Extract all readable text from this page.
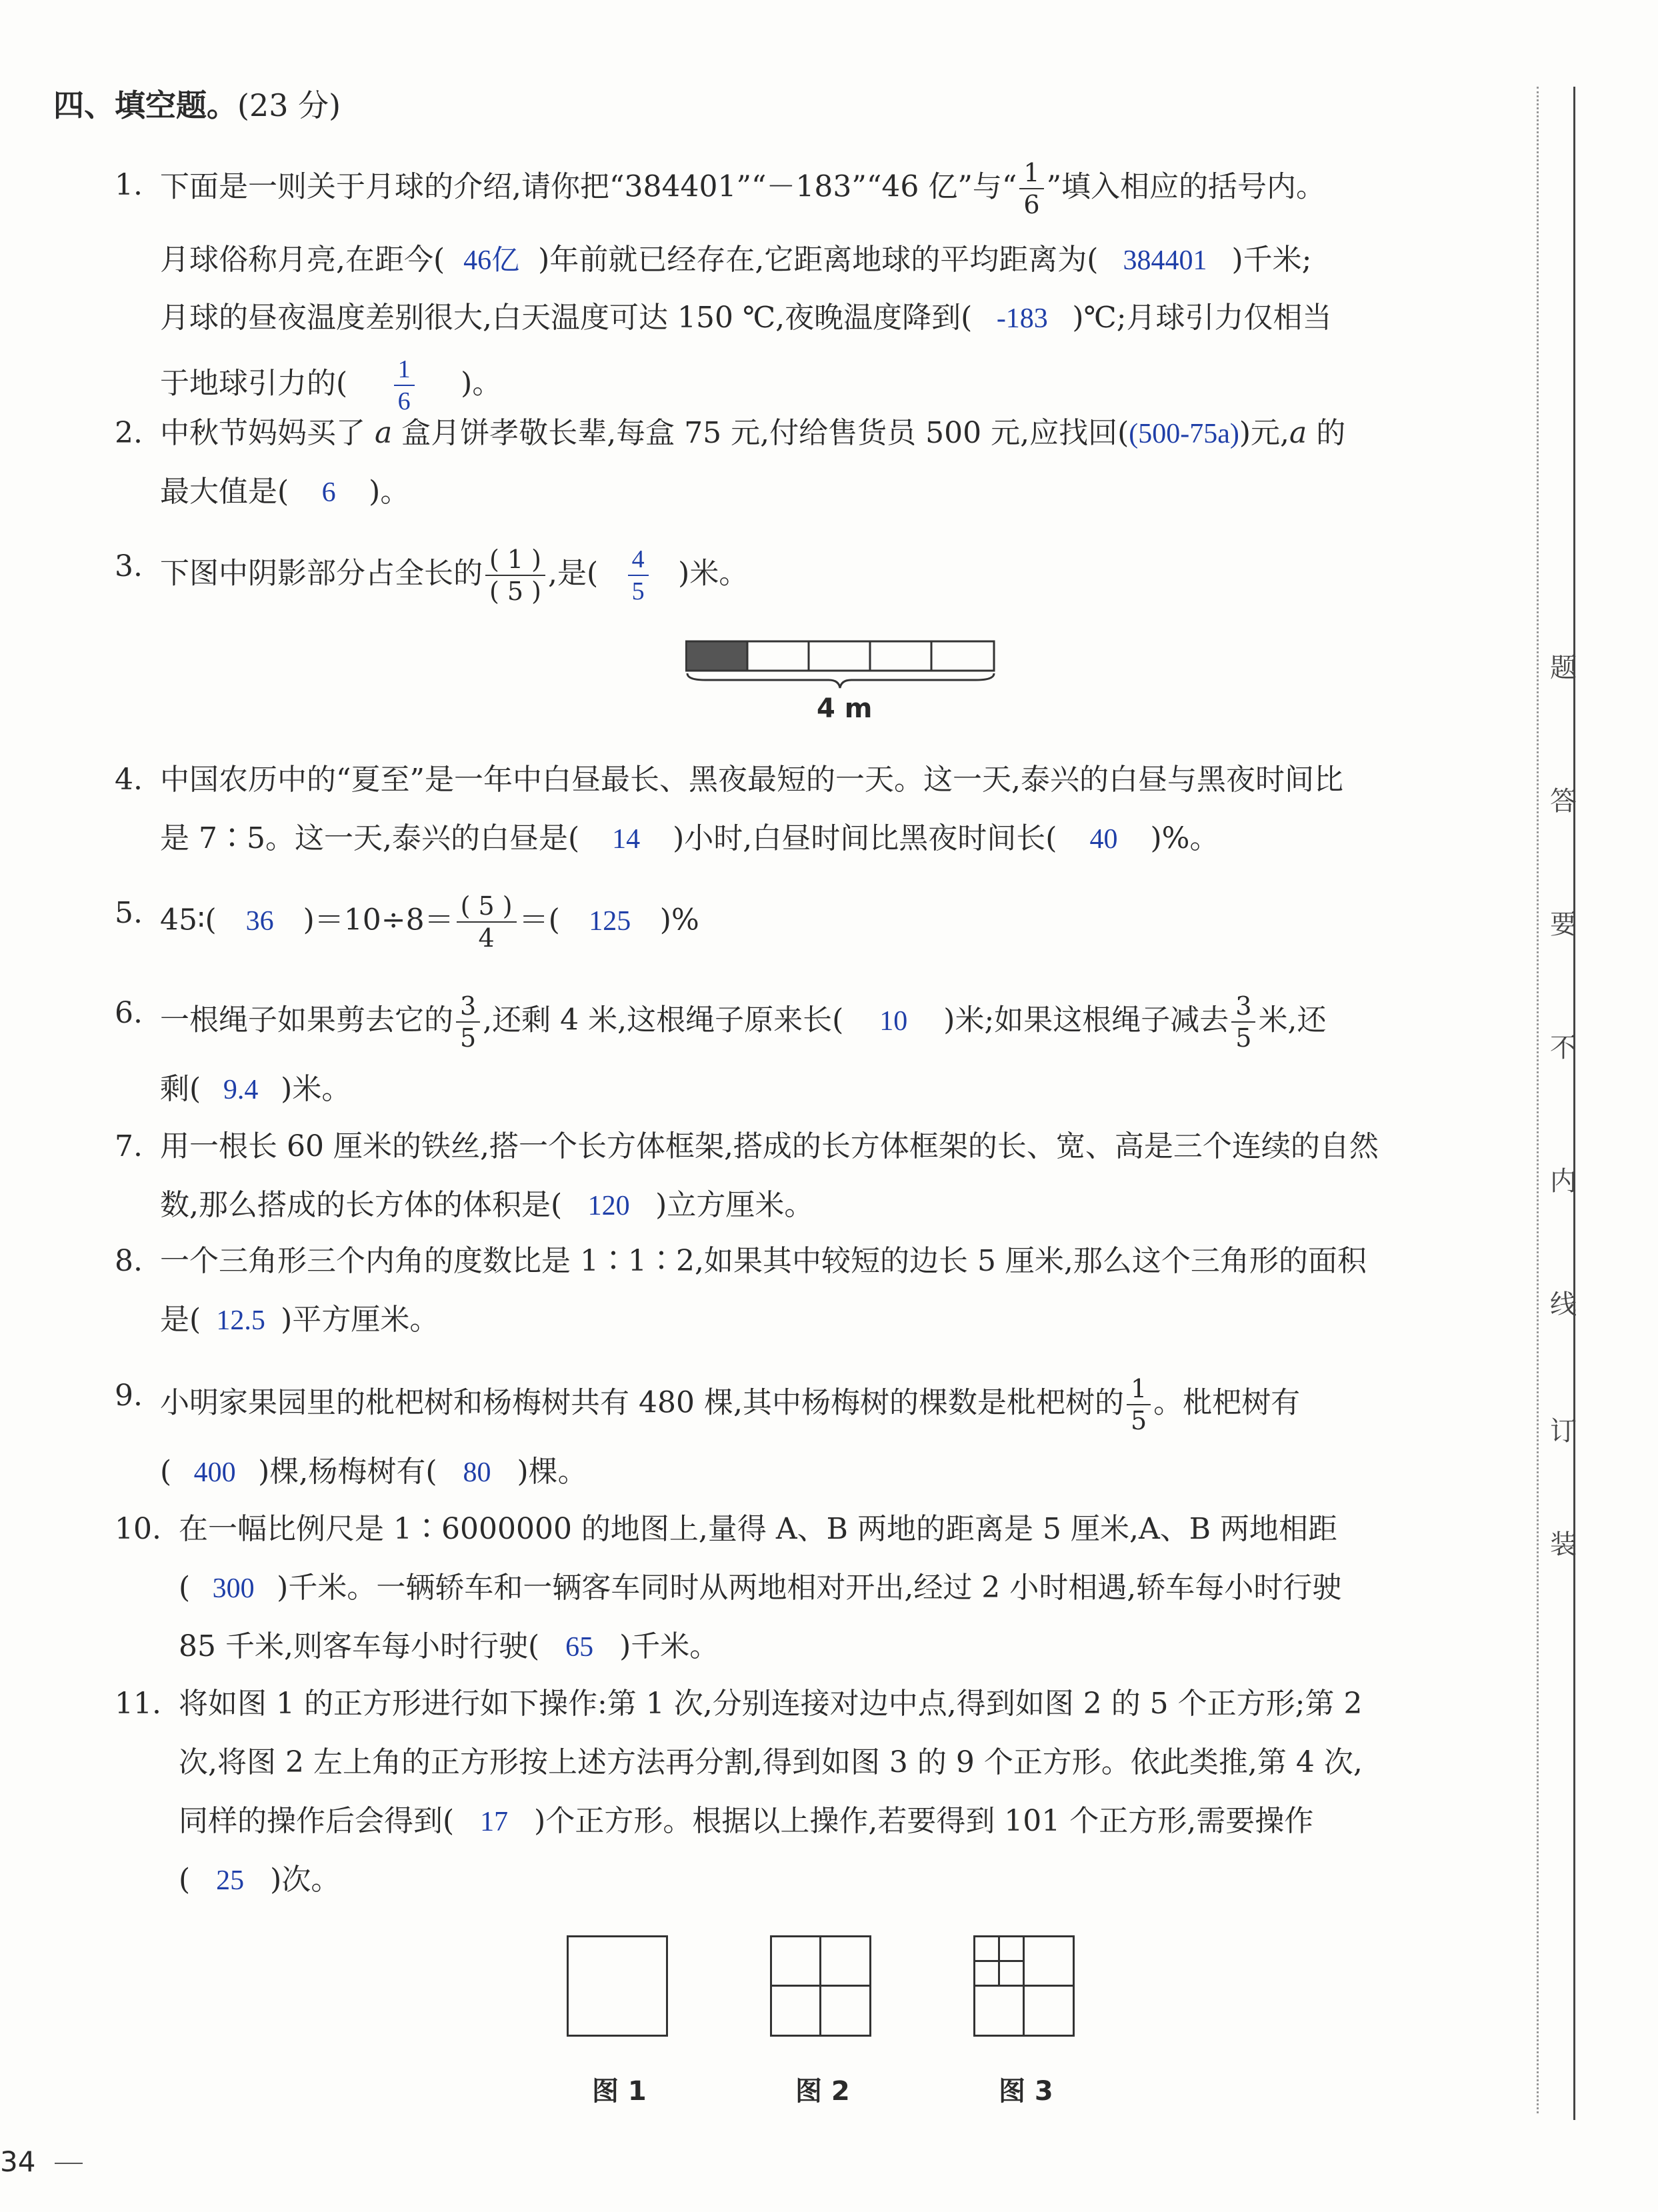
四、填空题。(23 分)
1. 下面是一则关于月球的介绍,请你把“384401”“－183”“46 亿”与“ $\frac{1}{6}$ ”填入相应的括号内。
月球俗称月亮,在距今( 46亿 )年前就已经存在,它距离地球的平均距离为( 384401 )千米;
月球的昼夜温度差别很大,白天温度可达 150 ℃,夜晚温度降到( -183 )℃;月球引力仅相当
于地球引力的( $\frac{1}{6}$ )。
2. 中秋节妈妈买了 a 盒月饼孝敬长辈,每盒 75 元,付给售货员 500 元,应找回((500-75a))元,a 的
最大值是( 6 )。
3. 下图中阴影部分占全长的 $\frac{( 1 )}{( 5 )}$ ,是( $\frac{4}{5}$ )米。
4 m
4. 中国农历中的“夏至”是一年中白昼最长、黑夜最短的一天。这一天,泰兴的白昼与黑夜时间比
是 7∶5。这一天,泰兴的白昼是( 14 )小时,白昼时间比黑夜时间长( 40 )%。
5. 45∶( 36 )$=10\div 8= \frac{( 5 )}{4}$ ＝( 125 )%
6. 一根绳子如果剪去它的 $\frac{3}{5}$ ,还剩 4 米,这根绳子原来长( 10 )米;如果这根绳子减去 $\frac{3}{5}$ 米,还
剩( 9.4 )米。
7. 用一根长 60 厘米的铁丝,搭一个长方体框架,搭成的长方体框架的长、宽、高是三个连续的自然
数,那么搭成的长方体的体积是( 120 )立方厘米。
8. 一个三角形三个内角的度数比是 1∶1∶2,如果其中较短的边长 5 厘米,那么这个三角形的面积
是( 12.5 )平方厘米。
9. 小明家果园里的枇杷树和杨梅树共有 480 棵,其中杨梅树的棵数是枇杷树的 $\frac{1}{5}$ 。枇杷树有
( 400 )棵,杨梅树有( 80 )棵。
10. 在一幅比例尺是 1∶6000000 的地图上,量得 A、B 两地的距离是 5 厘米,A、B 两地相距
( 300 )千米。一辆轿车和一辆客车同时从两地相对开出,经过 2 小时相遇,轿车每小时行驶
85 千米,则客车每小时行驶( 65 )千米。
11. 将如图 1 的正方形进行如下操作:第 1 次,分别连接对边中点,得到如图 2 的 5 个正方形;第 2
次,将图 2 左上角的正方形按上述方法再分割,得到如图 3 的 9 个正方形。依此类推,第 4 次,
同样的操作后会得到( 17 )个正方形。根据以上操作,若要得到 101 个正方形,需要操作
( 25 )次。
图 1	图 2	图 3
题
答
要
不
内
线
订
装
34
